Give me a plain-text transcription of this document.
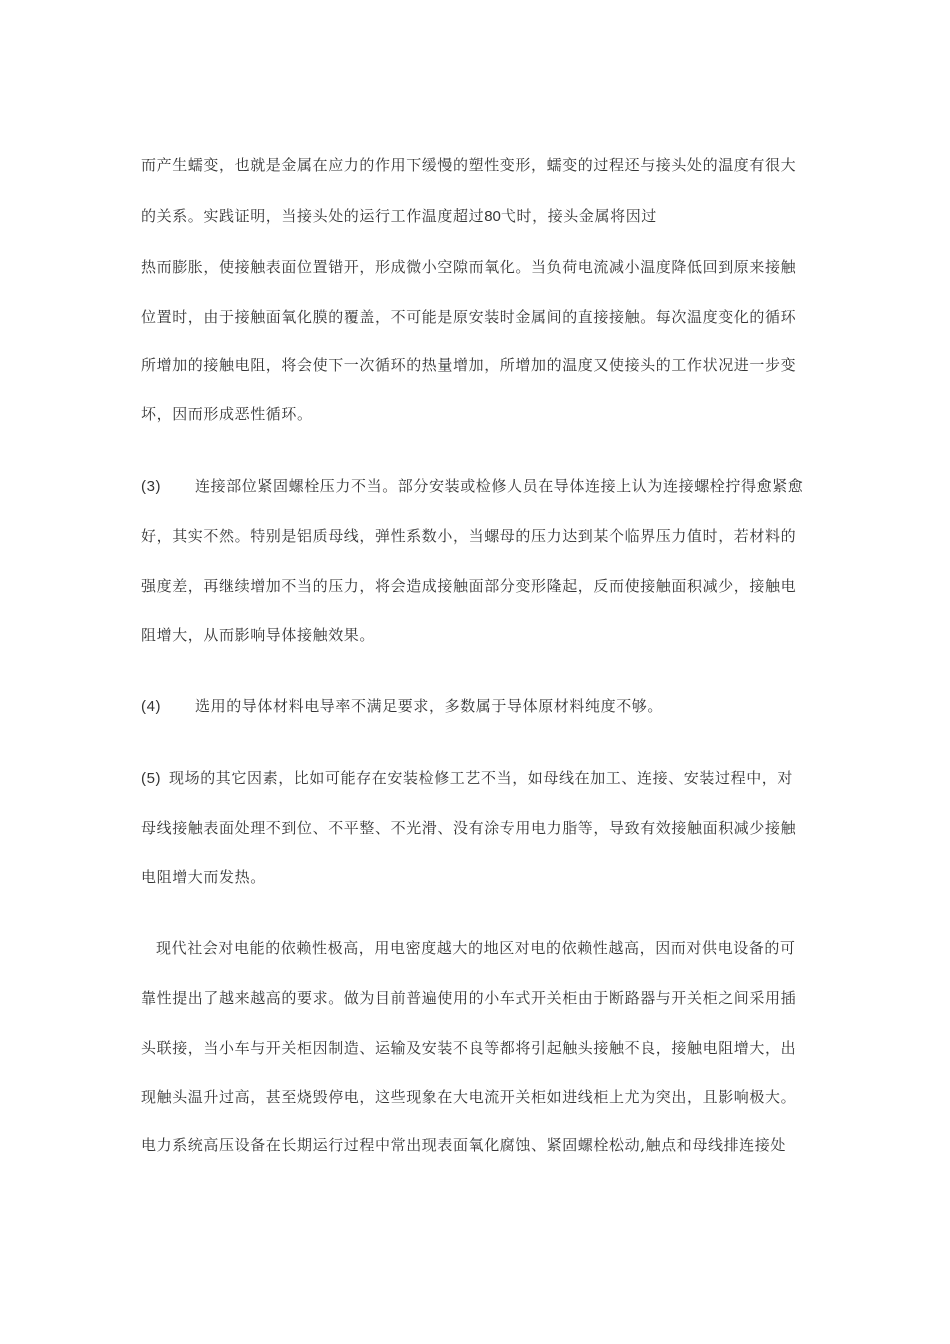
而产生蠕变，也就是金属在应力的作用下缓慢的塑性变形，蠕变的过程还与接头处的温度有很大
的关系。实践证明，当接头处的运行工作温度超过80弋时，接头金属将因过
热而膨胀，使接触表面位置错开，形成微小空隙而氧化。当负荷电流减小温度降低回到原来接触
位置时，由于接触面氧化膜的覆盖，不可能是原安装时金属间的直接接触。每次温度变化的循环
所增加的接触电阻，将会使下一次循环的热量增加，所增加的温度又使接头的工作状况进一步变
坏，因而形成恶性循环。
(3) 连接部位紧固螺栓压力不当。部分安装或检修人员在导体连接上认为连接螺栓拧得愈紧愈
好，其实不然。特别是铝质母线，弹性系数小，当螺母的压力达到某个临界压力值时，若材料的
强度差，再继续增加不当的压力，将会造成接触面部分变形隆起，反而使接触面积减少，接触电
阻增大，从而影响导体接触效果。
(4) 选用的导体材料电导率不满足要求，多数属于导体原材料纯度不够。
(5) 现场的其它因素，比如可能存在安装检修工艺不当，如母线在加工、连接、安装过程中，对
母线接触表面处理不到位、不平整、不光滑、没有涂专用电力脂等，导致有效接触面积减少接触
电阻增大而发热。
现代社会对电能的依赖性极高，用电密度越大的地区对电的依赖性越高，因而对供电设备的可
靠性提出了越来越高的要求。做为目前普遍使用的小车式开关柜由于断路器与开关柜之间采用插
头联接，当小车与开关柜因制造、运输及安装不良等都将引起触头接触不良，接触电阻增大，出
现触头温升过高，甚至烧毁停电，这些现象在大电流开关柜如进线柜上尤为突出，且影响极大。
电力系统高压设备在长期运行过程中常出现表面氧化腐蚀、紧固螺栓松动,触点和母线排连接处
